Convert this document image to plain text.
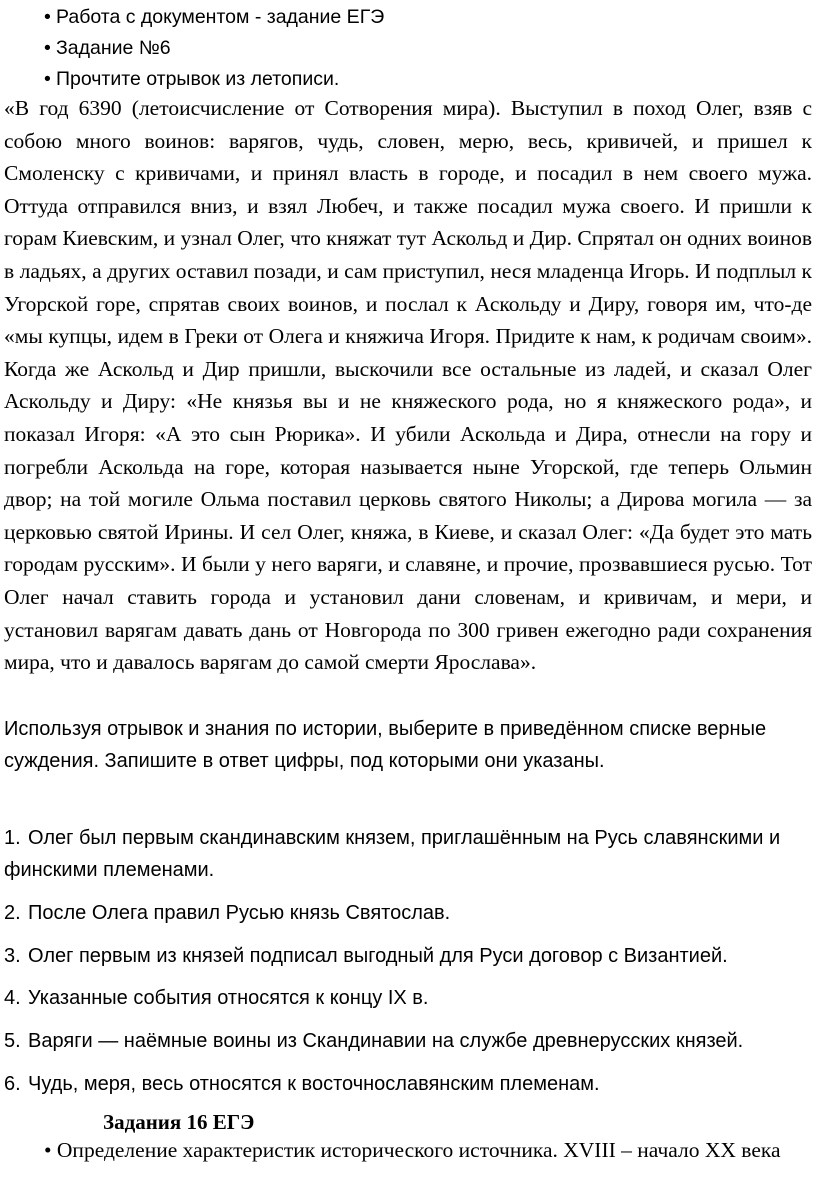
• Работа с документом - задание ЕГЭ
• Задание №6
• Прочтите отрывок из летописи.

«В год 6390 (летоисчисление от Сотворения мира). Выступил в поход Олег, взяв с собою много воинов: варягов, чудь, словен, мерю, весь, кривичей, и пришел к Смоленску с кривичами, и принял власть в городе, и посадил в нем своего мужа. Оттуда отправился вниз, и взял Любеч, и также посадил мужа своего. И пришли к горам Киевским, и узнал Олег, что княжат тут Аскольд и Дир. Спрятал он одних воинов в ладьях, а других оставил позади, и сам приступил, неся младенца Игорь. И подплыл к Угорской горе, спрятав своих воинов, и послал к Аскольду и Диру, говоря им, что-де «мы купцы, идем в Греки от Олега и княжича Игоря. Придите к нам, к родичам своим». Когда же Аскольд и Дир пришли, выскочили все остальные из ладей, и сказал Олег Аскольду и Диру: «Не князья вы и не княжеского рода, но я княжеского рода», и показал Игоря: «А это сын Рюрика». И убили Аскольда и Дира, отнесли на гору и погребли Аскольда на горе, которая называется ныне Угорской, где теперь Ольмин двор; на той могиле Ольма поставил церковь святого Николы; а Дирова могила — за церковью святой Ирины. И сел Олег, княжа, в Киеве, и сказал Олег: «Да будет это мать городам русским». И были у него варяги, и славяне, и прочие, прозвавшиеся русью. Тот Олег начал ставить города и установил дани словенам, и кривичам, и мери, и установил варягам давать дань от Новгорода по 300 гривен ежегодно ради сохранения мира, что и давалось варягам до самой смерти Ярослава».

Используя отрывок и знания по истории, выберите в приведённом списке верные суждения. Запишите в ответ цифры, под которыми они указаны.

1. Олег был первым скандинавским князем, приглашённым на Русь славянскими и финскими племенами.
2. После Олега правил Русью князь Святослав.
3. Олег первым из князей подписал выгодный для Руси договор с Византией.
4. Указанные события относятся к концу IX в.
5. Варяги — наёмные воины из Скандинавии на службе древнерусских князей.
6. Чудь, меря, весь относятся к восточнославянским племенам.
Задания 16 ЕГЭ

• Определение характеристик исторического источника. XVIII – начало XX века
